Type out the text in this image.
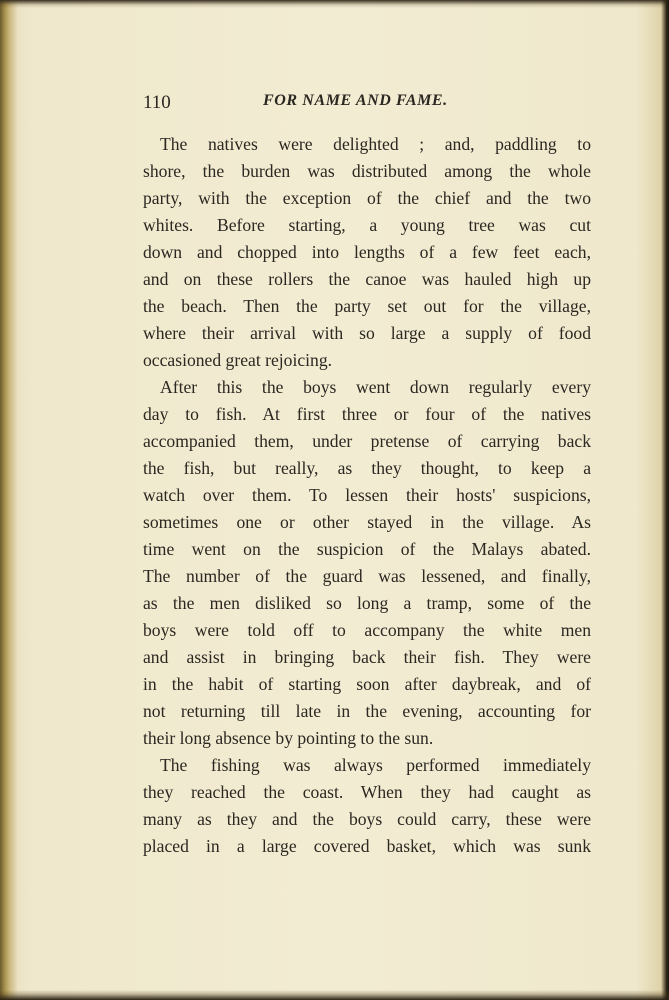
110	FOR NAME AND FAME.
The natives were delighted ; and, paddling to
shore, the burden was distributed among the whole
party, with the exception of the chief and the two
whites. Before starting, a young tree was cut
down and chopped into lengths of a few feet each,
and on these rollers the canoe was hauled high up
the beach. Then the party set out for the village,
where their arrival with so large a supply of food
occasioned great rejoicing.
After this the boys went down regularly every
day to fish. At first three or four of the natives
accompanied them, under pretense of carrying back
the fish, but really, as they thought, to keep a
watch over them. To lessen their hosts' suspicions,
sometimes one or other stayed in the village. As
time went on the suspicion of the Malays abated.
The number of the guard was lessened, and finally,
as the men disliked so long a tramp, some of the
boys were told off to accompany the white men
and assist in bringing back their fish. They were
in the habit of starting soon after daybreak, and of
not returning till late in the evening, accounting for
their long absence by pointing to the sun.
The fishing was always performed immediately
they reached the coast. When they had caught as
many as they and the boys could carry, these were
placed in a large covered basket, which was sunk
